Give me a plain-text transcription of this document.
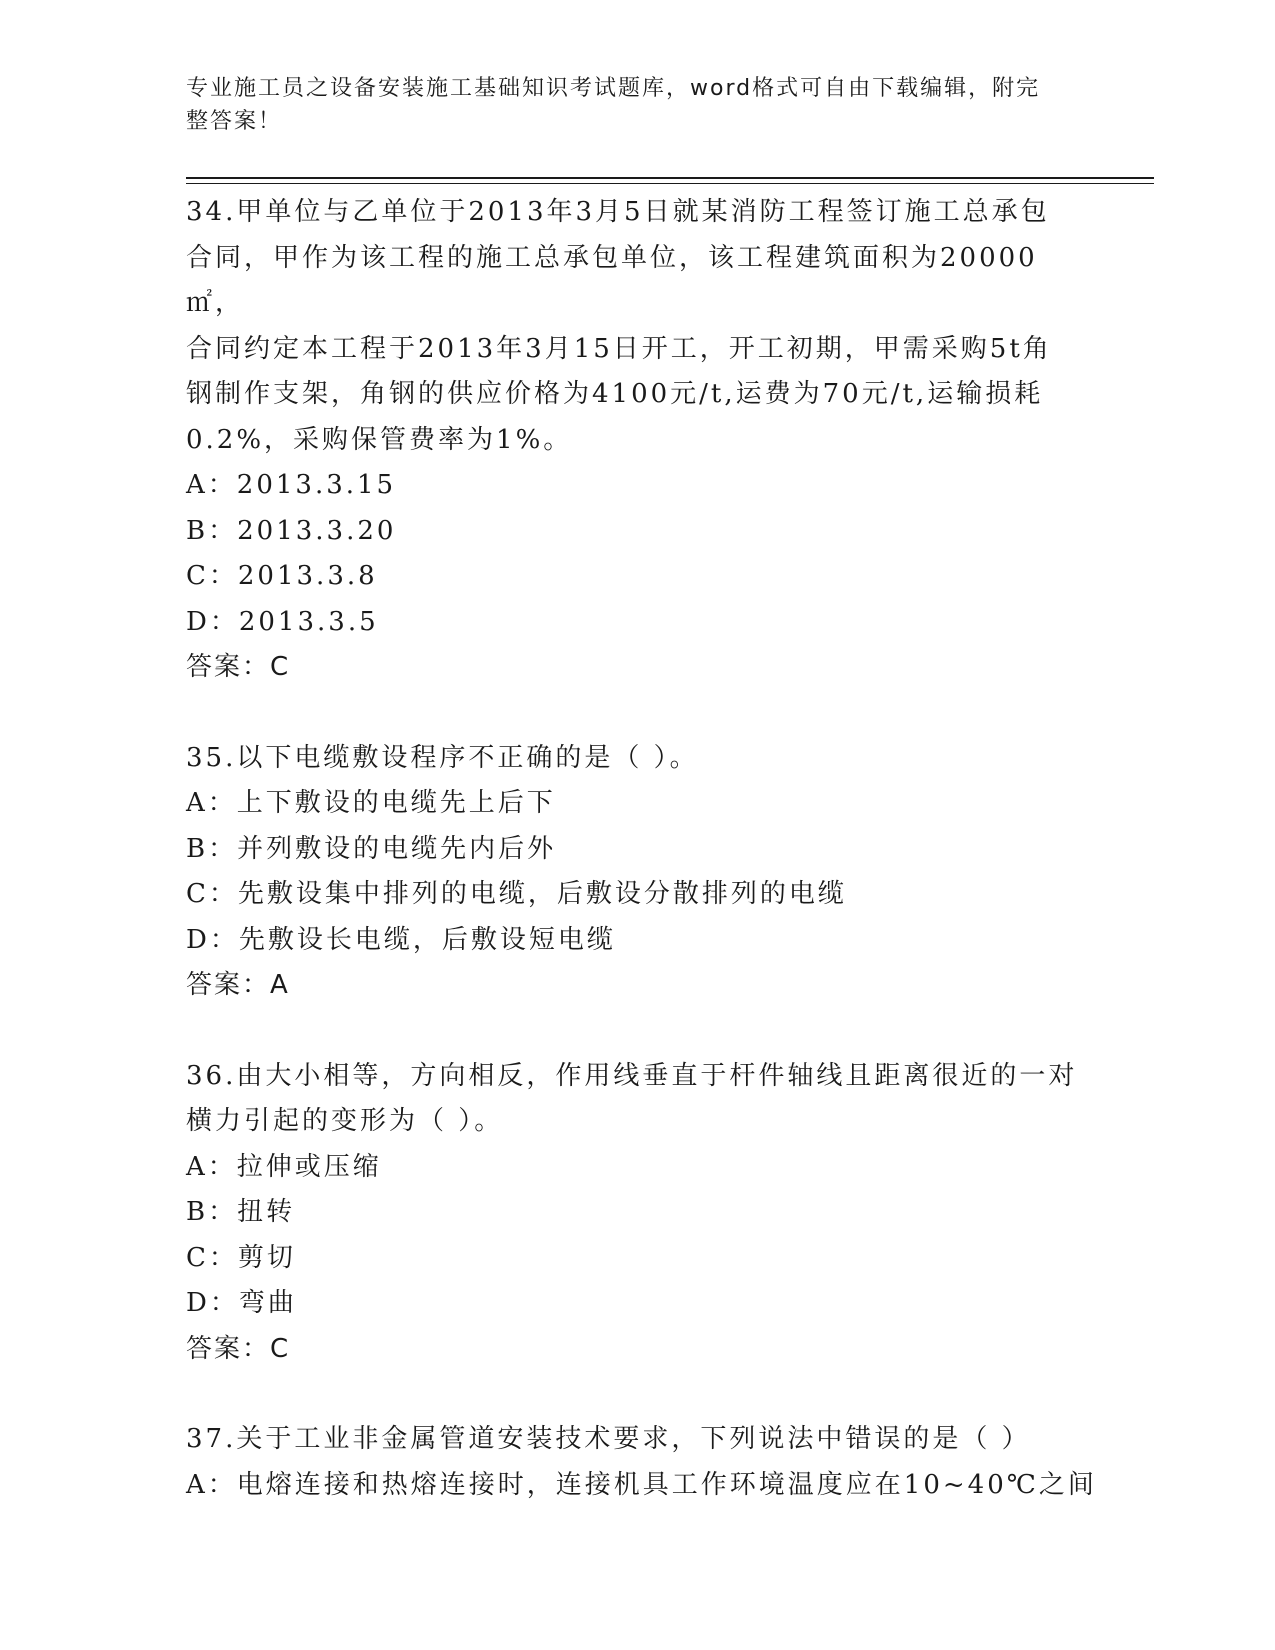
专业施工员之设备安装施工基础知识考试题库，word格式可自由下载编辑，附完
整答案！

34.甲单位与乙单位于2013年3月5日就某消防工程签订施工总承包

合同，甲作为该工程的施工总承包单位，该工程建筑面积为20000㎡，

合同约定本工程于2013年3月15日开工，开工初期，甲需采购5t角

钢制作支架，角钢的供应价格为4100元/t,运费为70元/t,运输损耗

0.2%，采购保管费率为1%。

A：2013.3.15

B：2013.3.20

C：2013.3.8

D：2013.3.5

答案：C

35.以下电缆敷设程序不正确的是（ ）。

A：上下敷设的电缆先上后下

B：并列敷设的电缆先内后外

C：先敷设集中排列的电缆，后敷设分散排列的电缆

D：先敷设长电缆，后敷设短电缆

答案：A

36.由大小相等，方向相反，作用线垂直于杆件轴线且距离很近的一对

横力引起的变形为（ ）。

A：拉伸或压缩

B：扭转

C：剪切

D：弯曲

答案：C

37.关于工业非金属管道安装技术要求，下列说法中错误的是（ ）

A：电熔连接和热熔连接时，连接机具工作环境温度应在10~40℃之间
